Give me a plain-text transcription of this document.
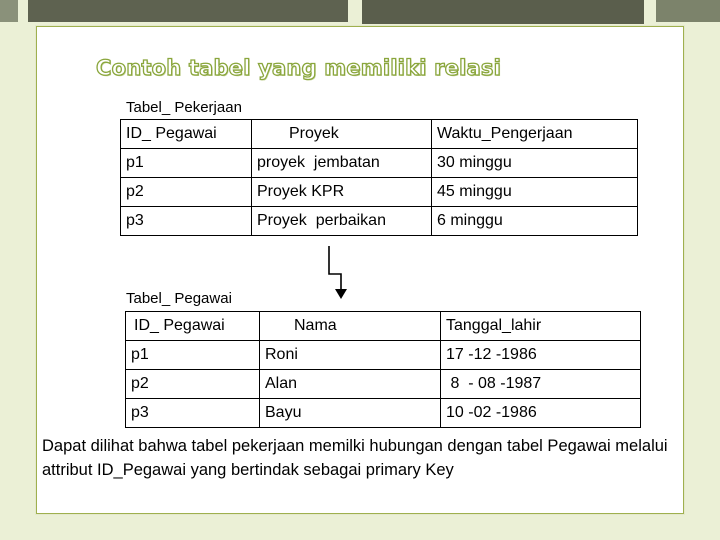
Contoh tabel yang memiliki relasi
Tabel_ Pekerjaan
ID_ Pegawai	Proyek	Waktu_Pengerjaan
p1	proyek  jembatan	30 minggu
p2	Proyek KPR	45 minggu
p3	Proyek  perbaikan	6 minggu
Tabel_ Pegawai
ID_ Pegawai	Nama	Tanggal_lahir
p1	Roni	17 -12 -1986
p2	Alan	8  - 08 -1987
p3	Bayu	10 -02 -1986

Dapat dilihat bahwa tabel pekerjaan memilki hubungan dengan tabel Pegawai melalui attribut ID_Pegawai yang bertindak sebagai primary Key
